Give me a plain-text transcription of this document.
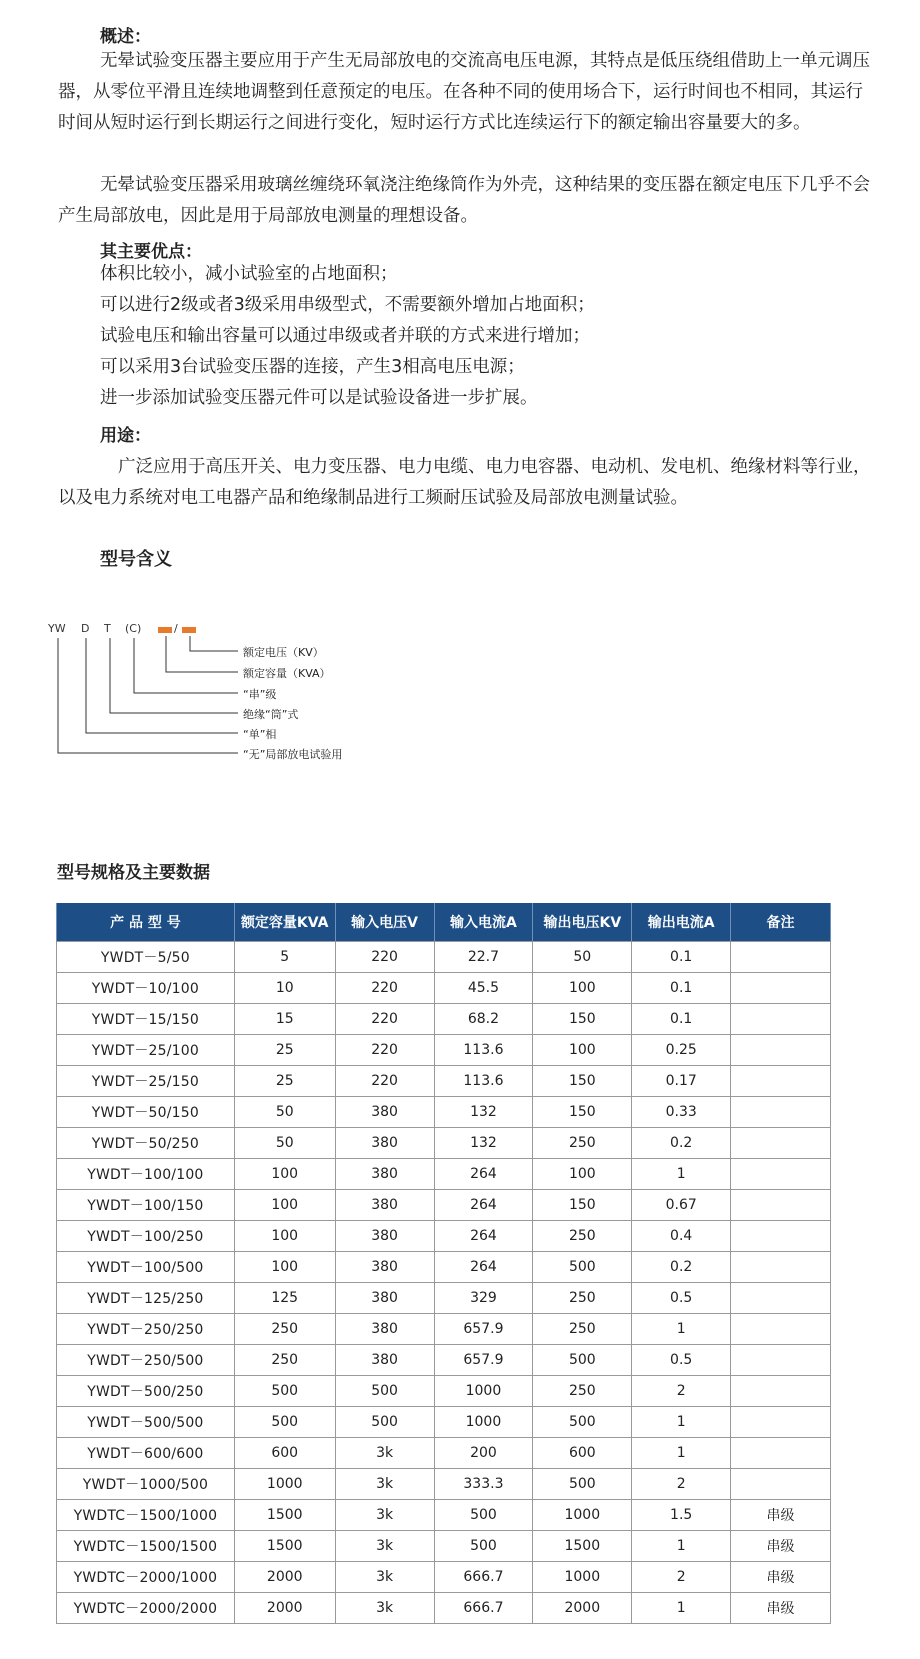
概述：
无晕试验变压器主要应用于产生无局部放电的交流高电压电源，其特点是低压绕组借助上一单元调压器，从零位平滑且连续地调整到任意预定的电压。在各种不同的使用场合下，运行时间也不相同，其运行时间从短时运行到长期运行之间进行变化，短时运行方式比连续运行下的额定输出容量要大的多。
无晕试验变压器采用玻璃丝缠绕环氧浇注绝缘筒作为外壳，这种结果的变压器在额定电压下几乎不会产生局部放电，因此是用于局部放电测量的理想设备。
其主要优点：
体积比较小，减小试验室的占地面积；
可以进行2级或者3级采用串级型式，不需要额外增加占地面积；
试验电压和输出容量可以通过串级或者并联的方式来进行增加；
可以采用3台试验变压器的连接，产生3相高电压电源；
进一步添加试验变压器元件可以是试验设备进一步扩展。
用途：
广泛应用于高压开关、电力变压器、电力电缆、电力电容器、电动机、发电机、绝缘材料等行业，以及电力系统对电工电器产品和绝缘制品进行工频耐压试验及局部放电测量试验。
型号含义
YW D T (C)	/
额定电压（KV）
额定容量（KVA）
“串”级
绝缘“筒”式
“单”相
“无”局部放电试验用
型号规格及主要数据
产 品 型 号	额定容量KVA	输入电压V	输入电流A	输出电压KV	输出电流A	备注
YWDT－5/50	5	220	22.7	50	0.1	
YWDT－10/100	10	220	45.5	100	0.1	
YWDT－15/150	15	220	68.2	150	0.1	
YWDT－25/100	25	220	113.6	100	0.25	
YWDT－25/150	25	220	113.6	150	0.17	
YWDT－50/150	50	380	132	150	0.33	
YWDT－50/250	50	380	132	250	0.2	
YWDT－100/100	100	380	264	100	1	
YWDT－100/150	100	380	264	150	0.67	
YWDT－100/250	100	380	264	250	0.4	
YWDT－100/500	100	380	264	500	0.2	
YWDT－125/250	125	380	329	250	0.5	
YWDT－250/250	250	380	657.9	250	1	
YWDT－250/500	250	380	657.9	500	0.5	
YWDT－500/250	500	500	1000	250	2	
YWDT－500/500	500	500	1000	500	1	
YWDT－600/600	600	3k	200	600	1	
YWDT－1000/500	1000	3k	333.3	500	2	
YWDTC－1500/1000	1500	3k	500	1000	1.5	串级
YWDTC－1500/1500	1500	3k	500	1500	1	串级
YWDTC－2000/1000	2000	3k	666.7	1000	2	串级
YWDTC－2000/2000	2000	3k	666.7	2000	1	串级
